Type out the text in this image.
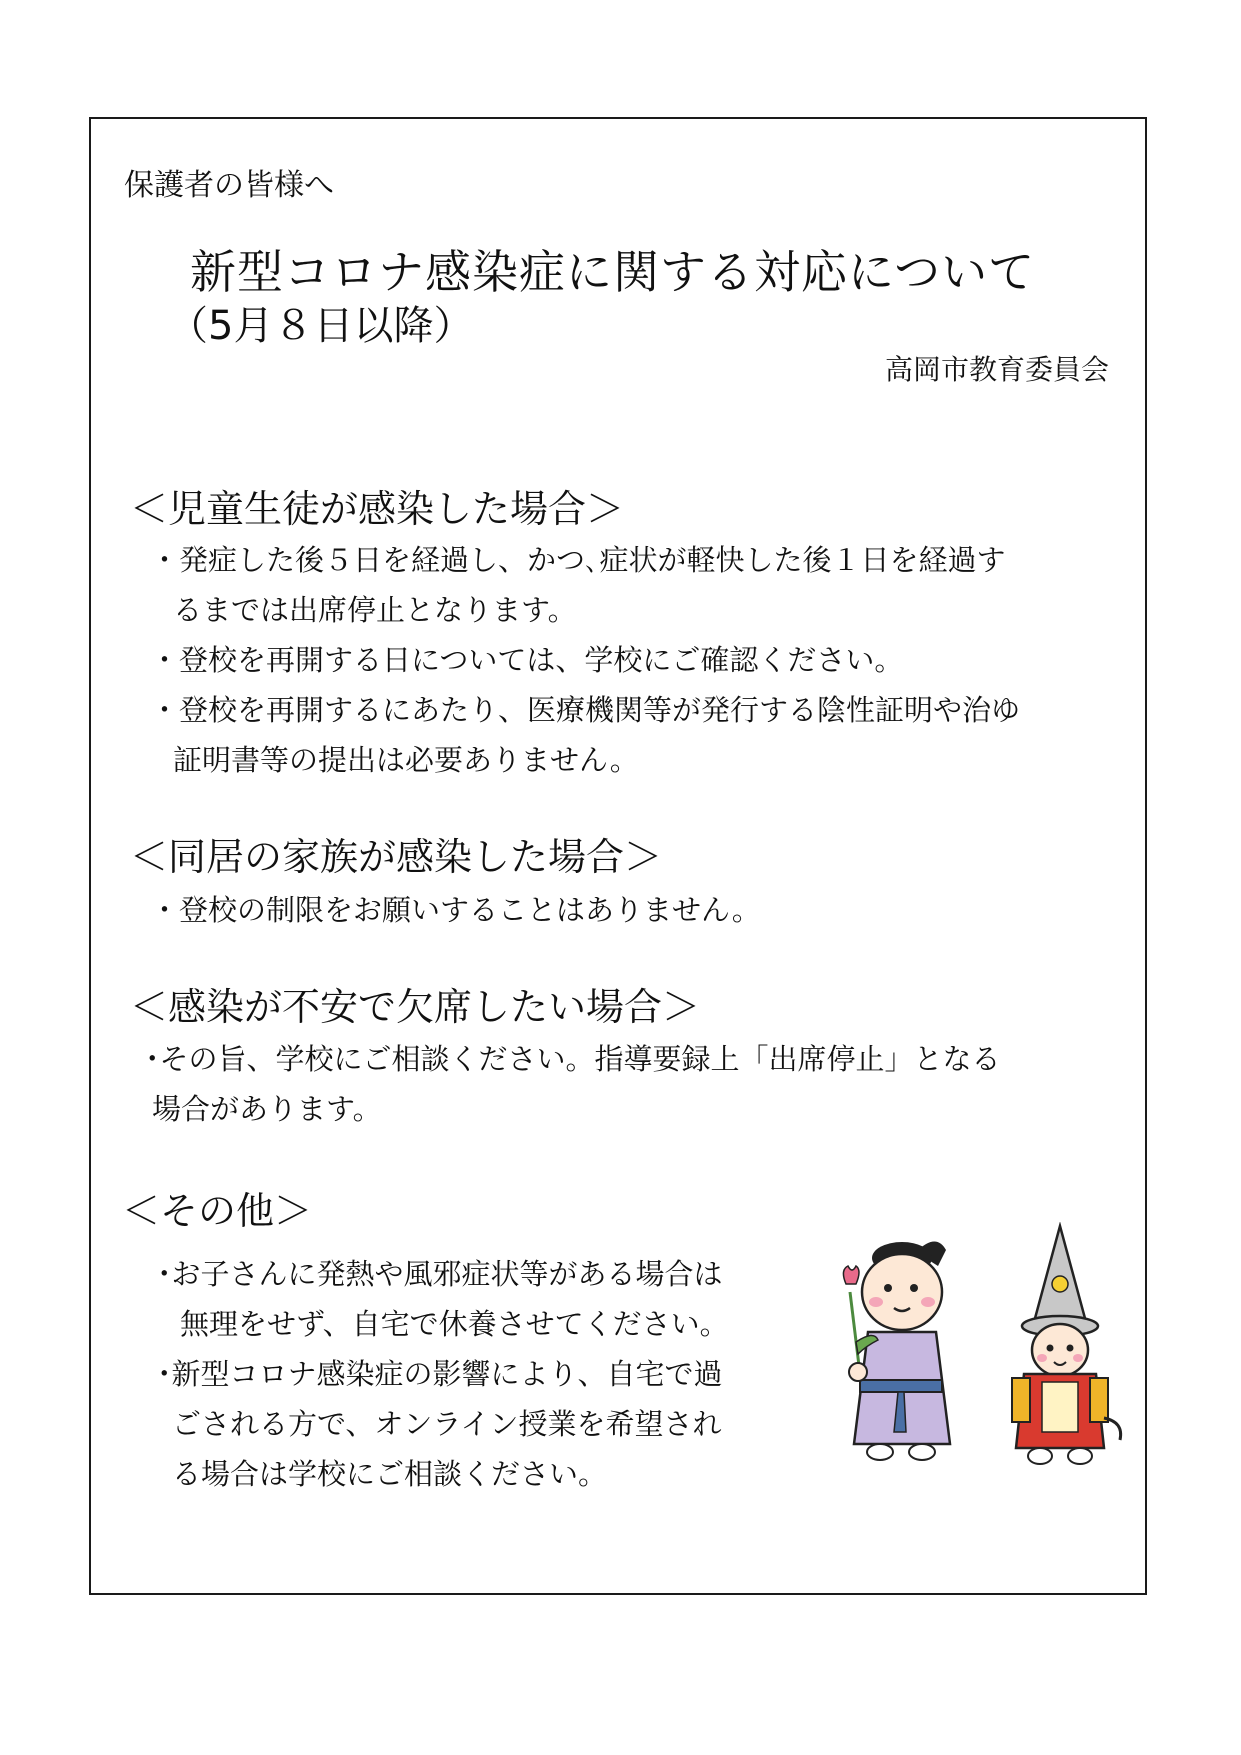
保護者の皆様へ
新型コロナ感染症に関する対応について
（5月８日以降）
高岡市教育委員会
＜児童生徒が感染した場合＞
・発症した後５日を経過し、かつ､症状が軽快した後１日を経過す
るまでは出席停止となります。
・登校を再開する日については、学校にご確認ください。
・登校を再開するにあたり、医療機関等が発行する陰性証明や治ゆ
証明書等の提出は必要ありません。
＜同居の家族が感染した場合＞
・登校の制限をお願いすることはありません。
＜感染が不安で欠席したい場合＞
･その旨、学校にご相談ください。指導要録上「出席停止」となる
場合があります。
＜その他＞
･お子さんに発熱や風邪症状等がある場合は
無理をせず、自宅で休養させてください。
･新型コロナ感染症の影響により、自宅で過
ごされる方で、オンライン授業を希望され
る場合は学校にご相談ください。
